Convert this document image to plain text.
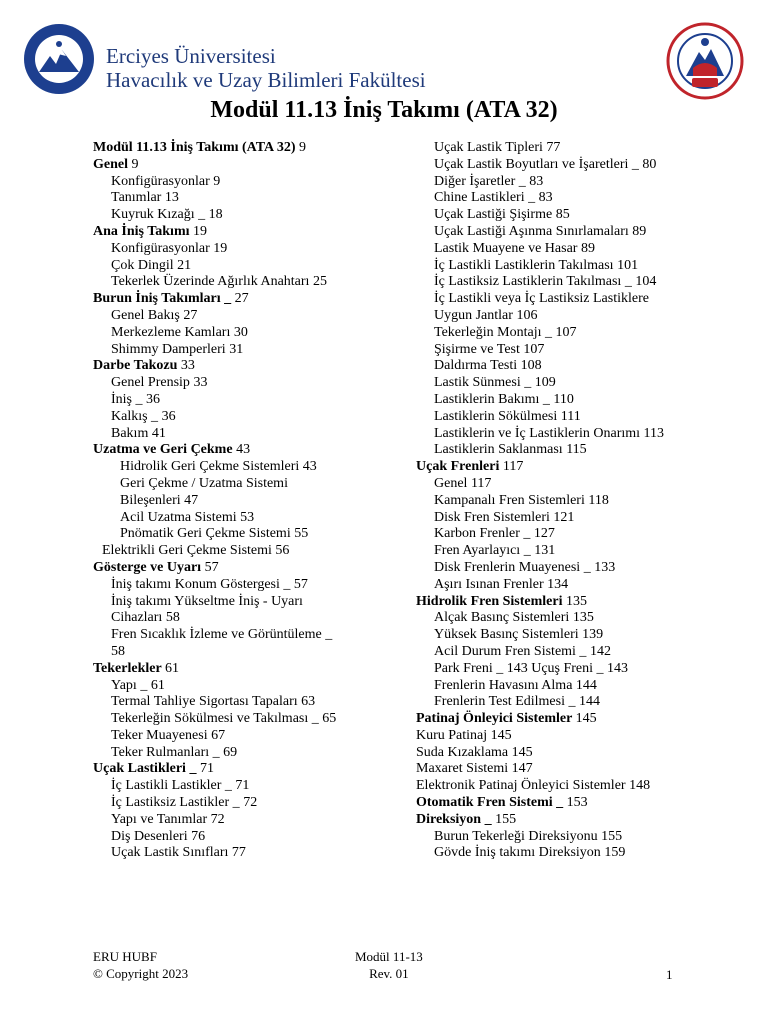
Erciyes Üniversitesi
Havacılık ve Uzay Bilimleri Fakültesi
Modül 11.13 İniş Takımı (ATA 32)
Modül 11.13 İniş Takımı (ATA 32) 9
Genel 9
Konfigürasyonlar 9
Tanımlar 13
Kuyruk Kızağı _ 18
Ana İniş Takımı 19
Konfigürasyonlar 19
Çok Dingil 21
Tekerlek Üzerinde Ağırlık Anahtarı 25
Burun İniş Takımları _ 27
Genel Bakış 27
Merkezleme Kamları 30
Shimmy Damperleri 31
Darbe Takozu 33
Genel Prensip 33
İniş _ 36
Kalkış _ 36
Bakım 41
Uzatma ve Geri Çekme 43
Hidrolik Geri Çekme Sistemleri 43
Geri Çekme / Uzatma Sistemi
Bileşenleri 47
Acil Uzatma Sistemi 53
Pnömatik Geri Çekme Sistemi 55
Elektrikli Geri Çekme Sistemi 56
Gösterge ve Uyarı 57
İniş takımı Konum Göstergesi _ 57
İniş takımı Yükseltme İniş - Uyarı
Cihazları 58
Fren Sıcaklık İzleme ve Görüntüleme _
58
Tekerlekler 61
Yapı _ 61
Termal Tahliye Sigortası Tapaları 63
Tekerleğin Sökülmesi ve Takılması _ 65
Teker Muayenesi 67
Teker Rulmanları _ 69
Uçak Lastikleri _ 71
İç Lastikli Lastikler _ 71
İç Lastiksiz Lastikler _ 72
Yapı ve Tanımlar 72
Diş Desenleri 76
Uçak Lastik Sınıfları 77
Uçak Lastik Tipleri 77
Uçak Lastik Boyutları ve İşaretleri _ 80
Diğer İşaretler _ 83
Chine Lastikleri _ 83
Uçak Lastiği Şişirme 85
Uçak Lastiği Aşınma Sınırlamaları 89
Lastik Muayene ve Hasar 89
İç Lastikli Lastiklerin Takılması 101
İç Lastiksiz Lastiklerin Takılması _ 104
İç Lastikli veya İç Lastiksiz Lastiklere
Uygun Jantlar 106
Tekerleğin Montajı _ 107
Şişirme ve Test 107
Daldırma Testi 108
Lastik Sünmesi _ 109
Lastiklerin Bakımı _ 110
Lastiklerin Sökülmesi 111
Lastiklerin ve İç Lastiklerin Onarımı 113
Lastiklerin Saklanması 115
Uçak Frenleri 117
Genel 117
Kampanalı Fren Sistemleri 118
Disk Fren Sistemleri 121
Karbon Frenler _ 127
Fren Ayarlayıcı _ 131
Disk Frenlerin Muayenesi _ 133
Aşırı Isınan Frenler 134
Hidrolik Fren Sistemleri 135
Alçak Basınç Sistemleri 135
Yüksek Basınç Sistemleri 139
Acil Durum Fren Sistemi _ 142
Park Freni _ 143 Uçuş Freni _ 143
Frenlerin Havasını Alma 144
Frenlerin Test Edilmesi _ 144
Patinaj Önleyici Sistemler 145
Kuru Patinaj 145
Suda Kızaklama 145
Maxaret Sistemi 147
Elektronik Patinaj Önleyici Sistemler 148
Otomatik Fren Sistemi _ 153
Direksiyon _ 155
Burun Tekerleği Direksiyonu 155
Gövde İniş takımı Direksiyon 159
ERU HUBF
© Copyright 2023
Modül 11-13
Rev. 01	1
